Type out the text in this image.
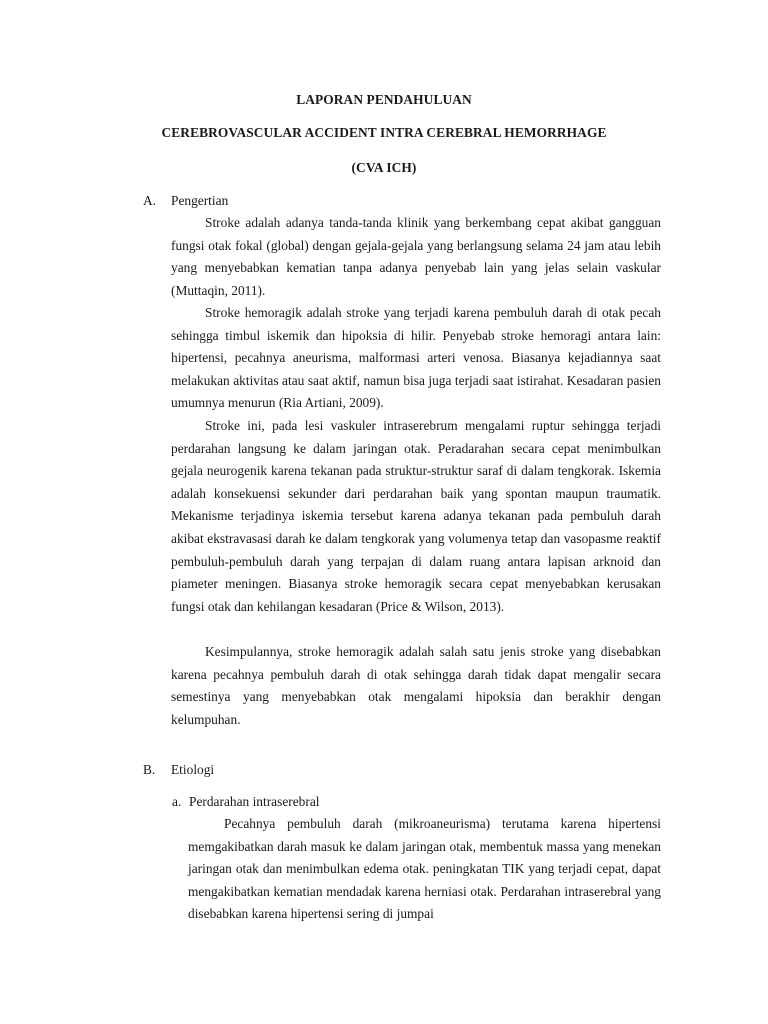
LAPORAN PENDAHULUAN
CEREBROVASCULAR ACCIDENT INTRA CEREBRAL HEMORRHAGE
(CVA ICH)
A. Pengertian

Stroke adalah adanya tanda-tanda klinik yang berkembang cepat akibat gangguan fungsi otak fokal (global) dengan gejala-gejala yang berlangsung selama 24 jam atau lebih yang menyebabkan kematian tanpa adanya penyebab lain yang jelas selain vaskular (Muttaqin, 2011).

Stroke hemoragik adalah stroke yang terjadi karena pembuluh darah di otak pecah sehingga timbul iskemik dan hipoksia di hilir. Penyebab stroke hemoragi antara lain: hipertensi, pecahnya aneurisma, malformasi arteri venosa. Biasanya kejadiannya saat melakukan aktivitas atau saat aktif, namun bisa juga terjadi saat istirahat. Kesadaran pasien umumnya menurun (Ria Artiani, 2009).

Stroke ini, pada lesi vaskuler intraserebrum mengalami ruptur sehingga terjadi perdarahan langsung ke dalam jaringan otak. Peradarahan secara cepat menimbulkan gejala neurogenik karena tekanan pada struktur-struktur saraf di dalam tengkorak. Iskemia adalah konsekuensi sekunder dari perdarahan baik yang spontan maupun traumatik. Mekanisme terjadinya iskemia tersebut karena adanya tekanan pada pembuluh darah akibat ekstravasasi darah ke dalam tengkorak yang volumenya tetap dan vasopasme reaktif pembuluh-pembuluh darah yang terpajan di dalam ruang antara lapisan arknoid dan piameter meningen. Biasanya stroke hemoragik secara cepat menyebabkan kerusakan fungsi otak dan kehilangan kesadaran (Price & Wilson, 2013).

Kesimpulannya, stroke hemoragik adalah salah satu jenis stroke yang disebabkan karena pecahnya pembuluh darah di otak sehingga darah tidak dapat mengalir secara semestinya yang menyebabkan otak mengalami hipoksia dan berakhir dengan kelumpuhan.

B. Etiologi
a. Perdarahan intraserebral

Pecahnya pembuluh darah (mikroaneurisma) terutama karena hipertensi memgakibatkan darah masuk ke dalam jaringan otak, membentuk massa yang menekan jaringan otak dan menimbulkan edema otak. peningkatan TIK yang terjadi cepat, dapat mengakibatkan kematian mendadak karena herniasi otak. Perdarahan intraserebral yang disebabkan karena hipertensi sering di jumpai
